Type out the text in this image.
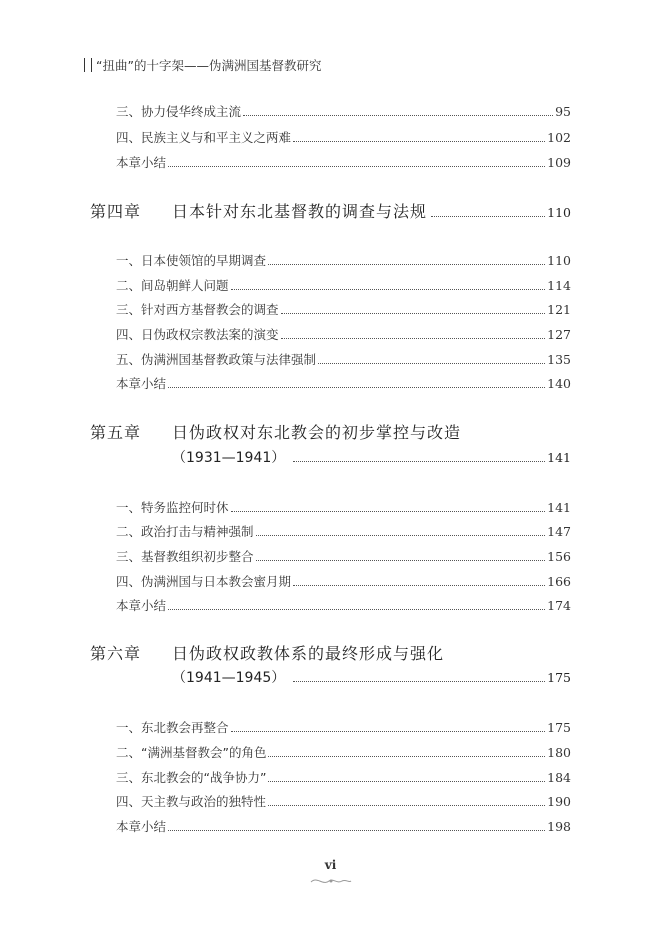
“扭曲”的十字架——伪满洲国基督教研究
三、协力侵华终成主流	95
四、民族主义与和平主义之两难	102
本章小结	109
第四章	日本针对东北基督教的调查与法规	110
一、日本使领馆的早期调查	110
二、间岛朝鲜人问题	114
三、针对西方基督教会的调查	121
四、日伪政权宗教法案的演变	127
五、伪满洲国基督教政策与法律强制	135
本章小结	140
第五章	日伪政权对东北教会的初步掌控与改造
（1931—1941）	141
一、特务监控何时休	141
二、政治打击与精神强制	147
三、基督教组织初步整合	156
四、伪满洲国与日本教会蜜月期	166
本章小结	174
第六章	日伪政权政教体系的最终形成与强化
（1941—1945）	175
一、东北教会再整合	175
二、“满洲基督教会”的角色	180
三、东北教会的“战争协力”	184
四、天主教与政治的独特性	190
本章小结	198
vi
